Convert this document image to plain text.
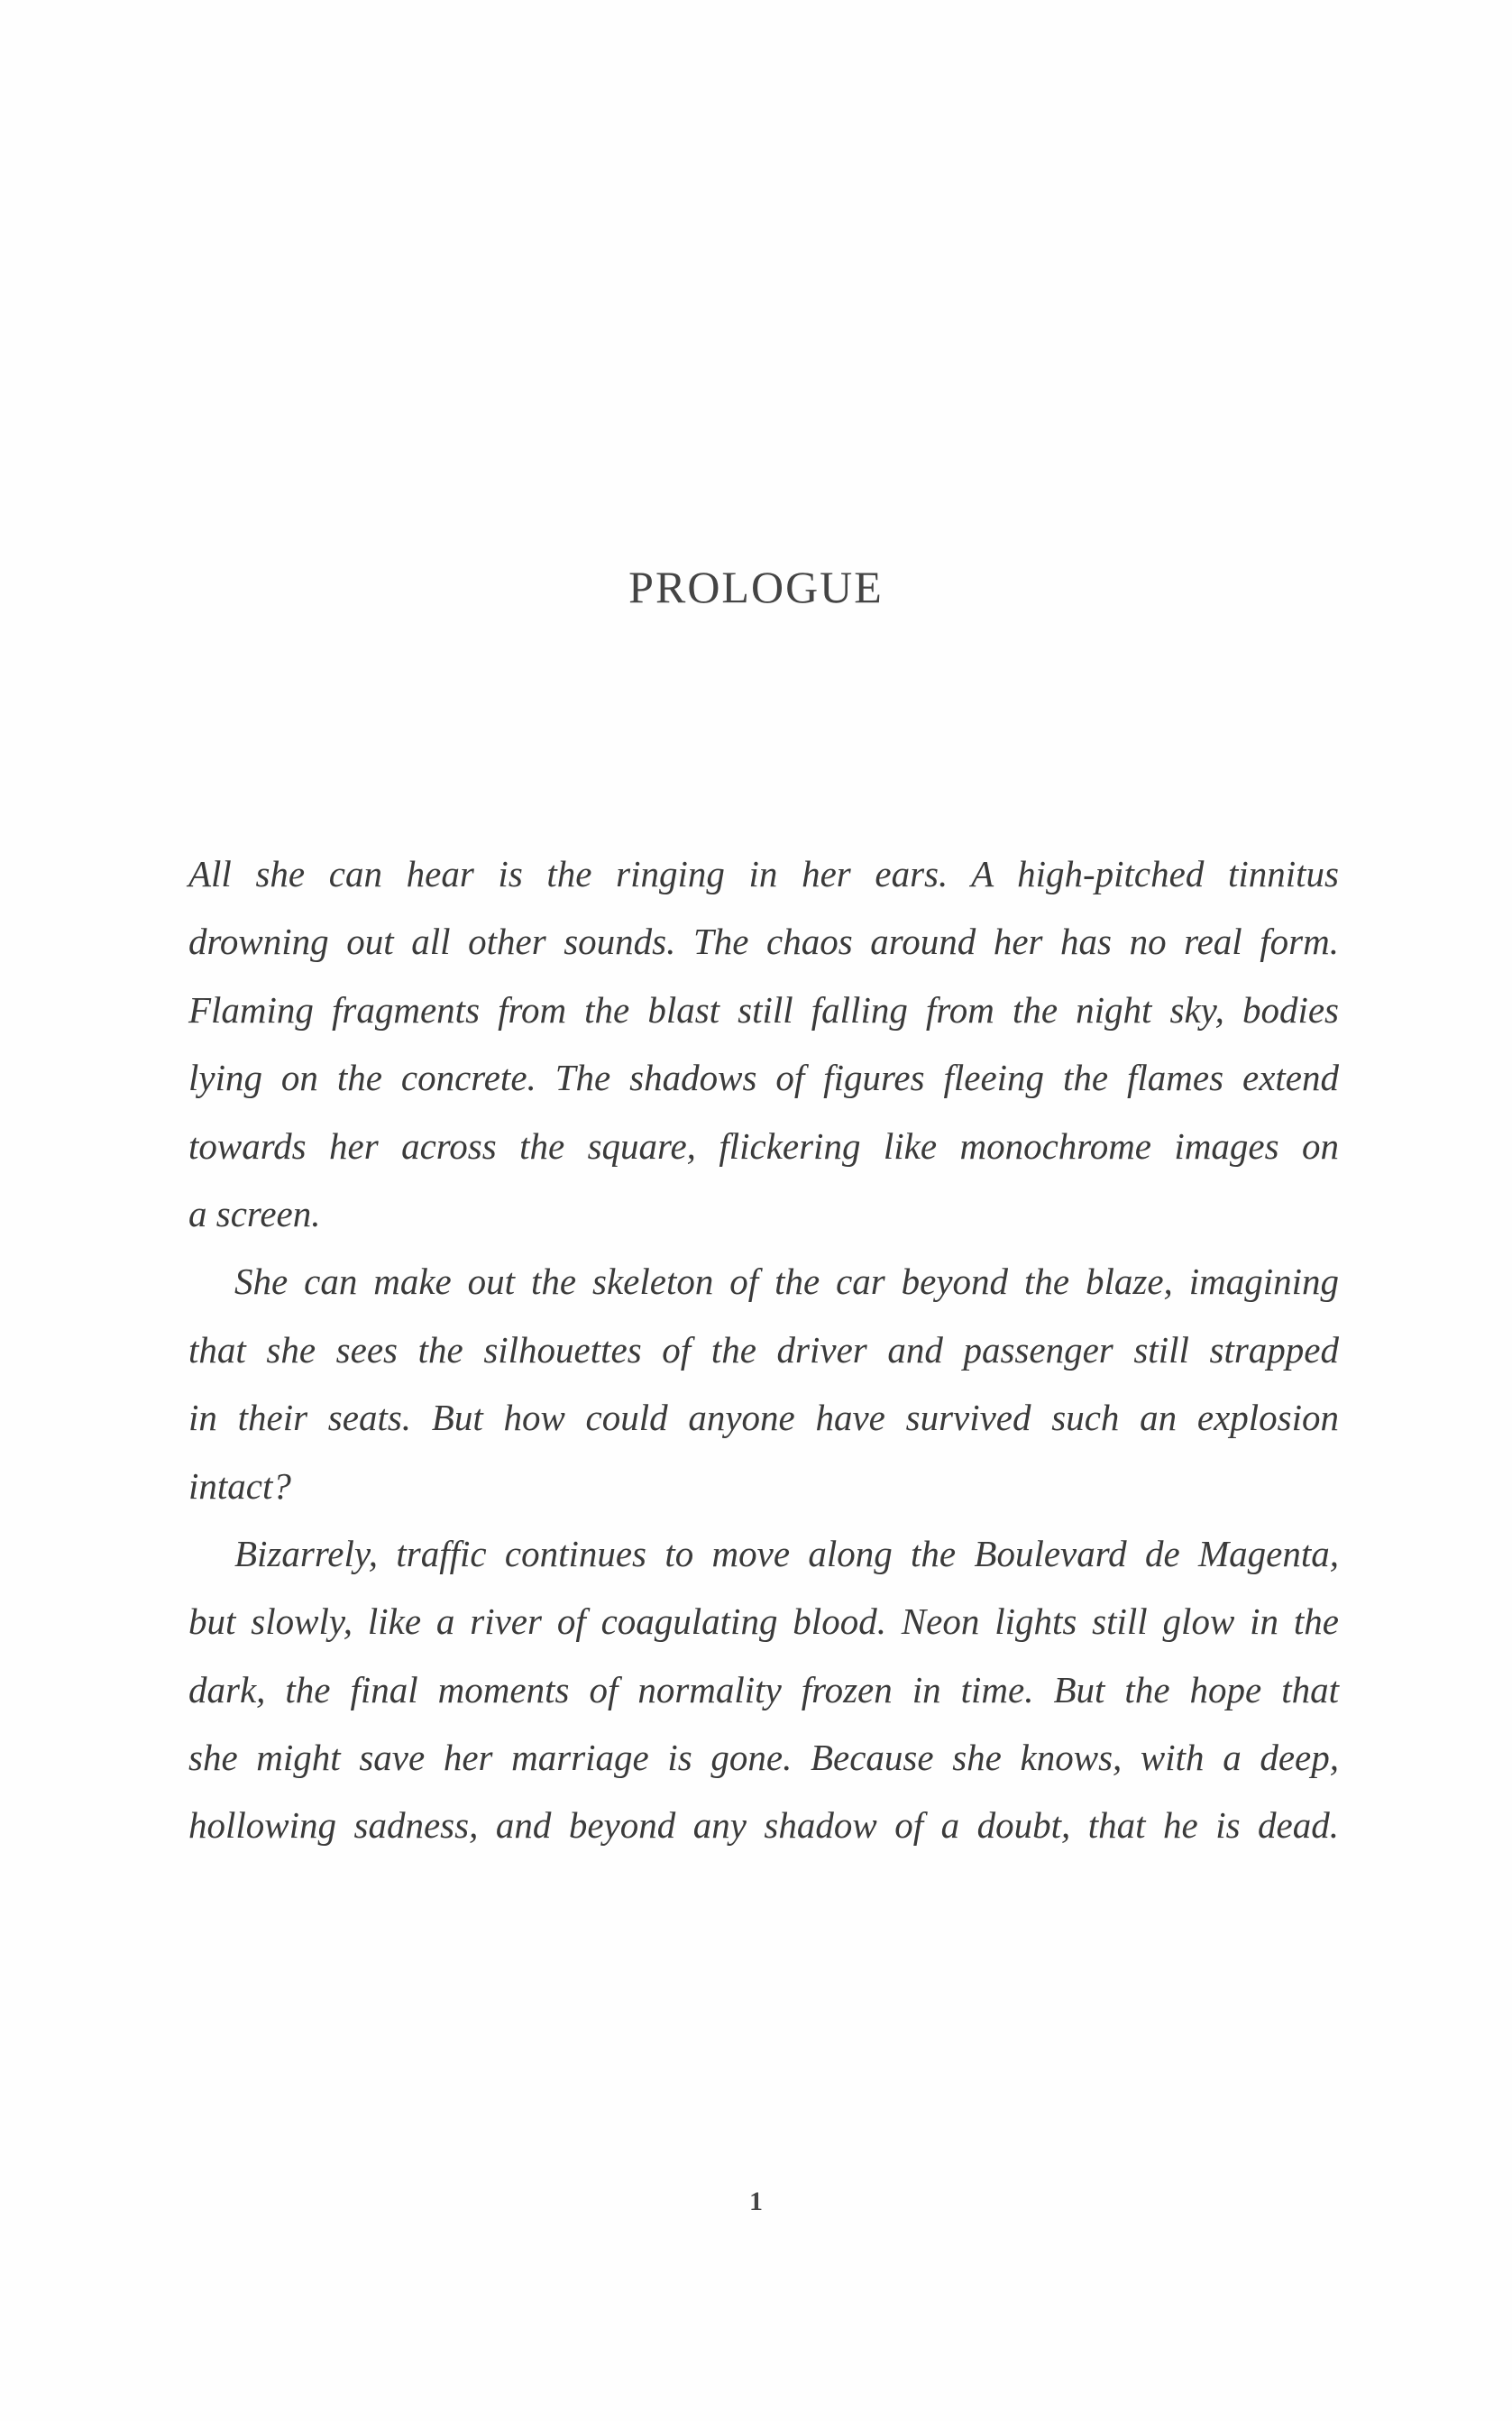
PROLOGUE
All she can hear is the ringing in her ears. A high-pitched tinnitus
drowning out all other sounds. The chaos around her has no real form.
Flaming fragments from the blast still falling from the night sky, bodies
lying on the concrete. The shadows of figures fleeing the flames extend
towards her across the square, flickering like monochrome images on
a screen.
She can make out the skeleton of the car beyond the blaze, imagining
that she sees the silhouettes of the driver and passenger still strapped
in their seats. But how could anyone have survived such an explosion
intact?
Bizarrely, traffic continues to move along the Boulevard de Magenta,
but slowly, like a river of coagulating blood. Neon lights still glow in the
dark, the final moments of normality frozen in time. But the hope that
she might save her marriage is gone. Because she knows, with a deep,
hollowing sadness, and beyond any shadow of a doubt, that he is dead.
1
